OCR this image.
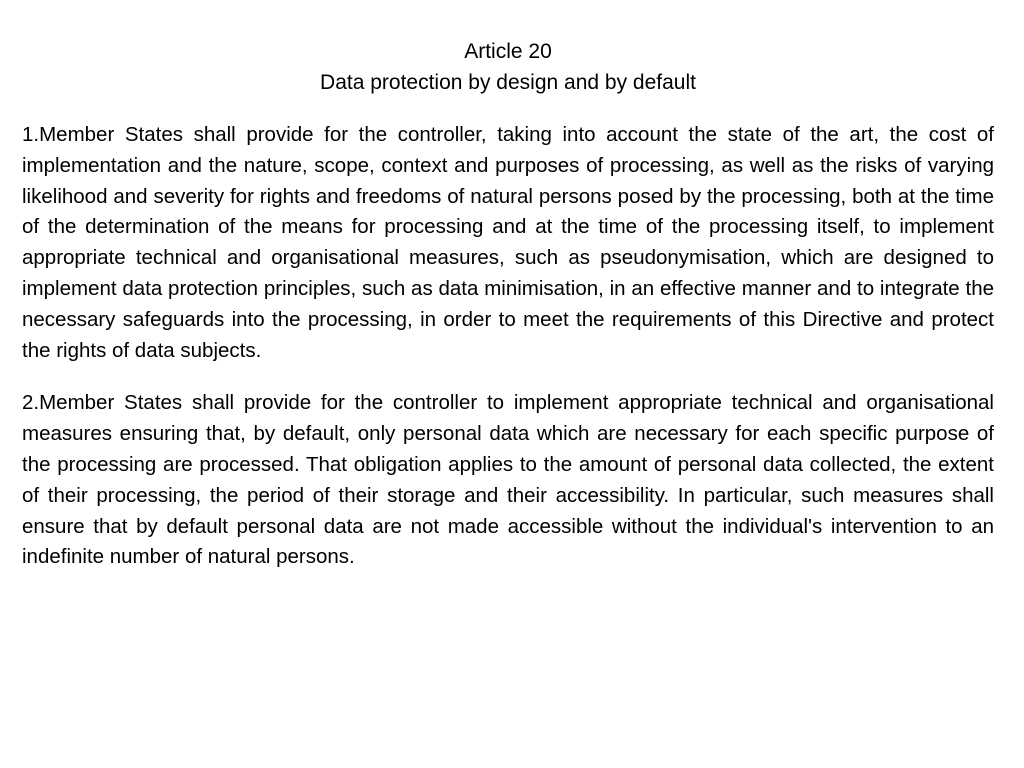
Article 20
Data protection by design and by default

1.Member States shall provide for the controller, taking into account the state of the art, the cost of implementation and the nature, scope, context and purposes of processing, as well as the risks of varying likelihood and severity for rights and freedoms of natural persons posed by the processing, both at the time of the determination of the means for processing and at the time of the processing itself, to implement appropriate technical and organisational measures, such as pseudonymisation, which are designed to implement data protection principles, such as data minimisation, in an effective manner and to integrate the necessary safeguards into the processing, in order to meet the requirements of this Directive and protect the rights of data subjects.

2.Member States shall provide for the controller to implement appropriate technical and organisational measures ensuring that, by default, only personal data which are necessary for each specific purpose of the processing are processed. That obligation applies to the amount of personal data collected, the extent of their processing, the period of their storage and their accessibility. In particular, such measures shall ensure that by default personal data are not made accessible without the individual's intervention to an indefinite number of natural persons.
